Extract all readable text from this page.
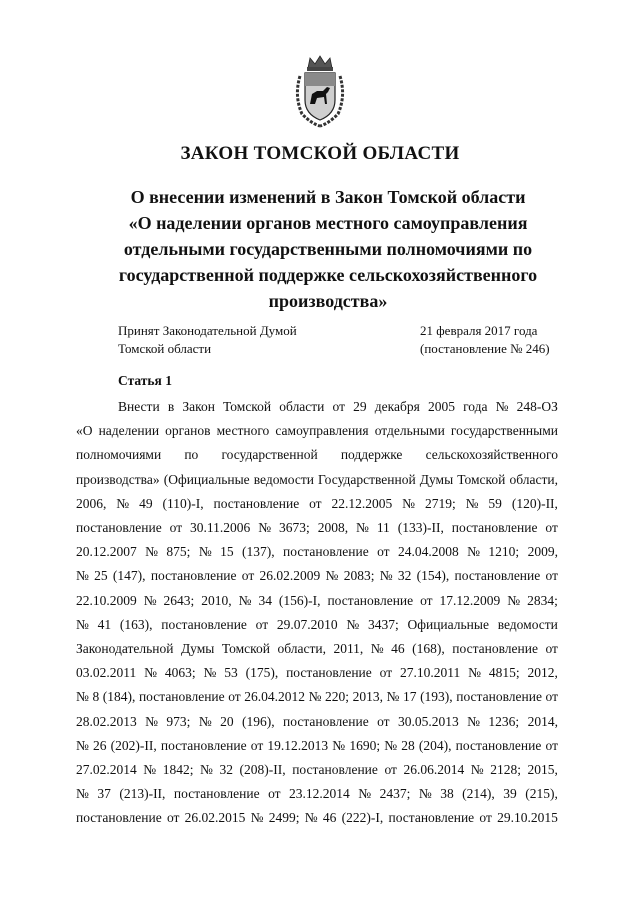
ЗАКОН ТОМСКОЙ ОБЛАСТИ
О внесении изменений в Закон Томской области
«О наделении органов местного самоуправления
отдельными государственными полномочиями по
государственной поддержке сельскохозяйственного
производства»
Принят Законодательной Думой
Томской области
21 февраля 2017 года
(постановление № 246)
Статья 1
Внести в Закон Томской области от 29 декабря 2005 года № 248-ОЗ
«О наделении органов местного самоуправления отдельными государственными
полномочиями по государственной поддержке сельскохозяйственного
производства» (Официальные ведомости Государственной Думы Томской области,
2006, № 49 (110)-I, постановление от 22.12.2005 № 2719; № 59 (120)-II,
постановление от 30.11.2006 № 3673; 2008, № 11 (133)-II, постановление от
20.12.2007 № 875; № 15 (137), постановление от 24.04.2008 № 1210; 2009,
№ 25 (147), постановление от 26.02.2009 № 2083; № 32 (154), постановление от
22.10.2009 № 2643; 2010, № 34 (156)-I, постановление от 17.12.2009 № 2834;
№ 41 (163), постановление от 29.07.2010 № 3437; Официальные ведомости
Законодательной Думы Томской области, 2011, № 46 (168), постановление от
03.02.2011 № 4063; № 53 (175), постановление от 27.10.2011 № 4815; 2012,
№ 8 (184), постановление от 26.04.2012 № 220; 2013, № 17 (193), постановление от
28.02.2013 № 973; № 20 (196), постановление от 30.05.2013 № 1236; 2014,
№ 26 (202)-II, постановление от 19.12.2013 № 1690; № 28 (204), постановление от
27.02.2014 № 1842; № 32 (208)-II, постановление от 26.06.2014 № 2128; 2015,
№ 37 (213)-II, постановление от 23.12.2014 № 2437; № 38 (214), 39 (215),
постановление от 26.02.2015 № 2499; № 46 (222)-I, постановление от 29.10.2015
